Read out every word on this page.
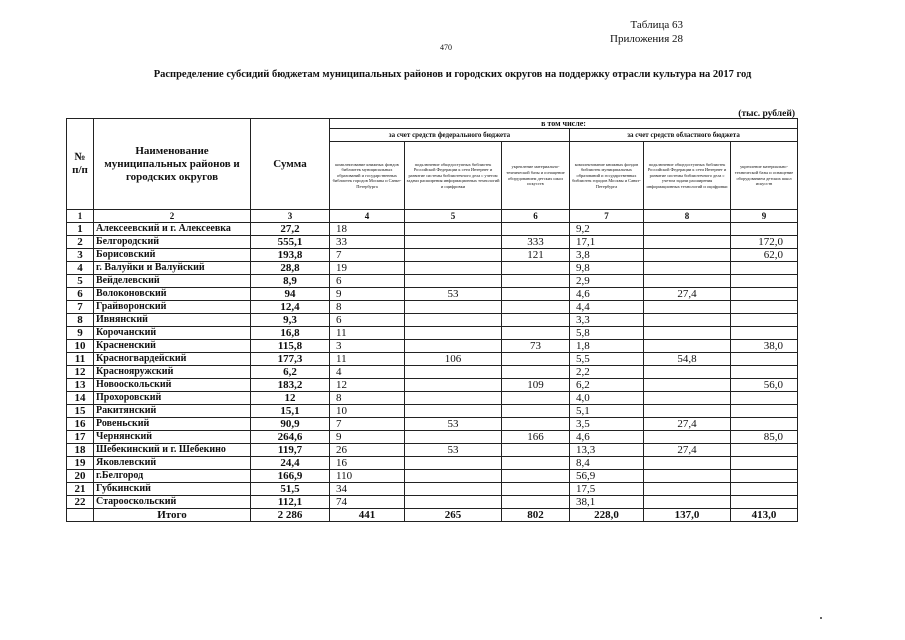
Таблица 63
Приложения 28
470
Распределение субсидий бюджетам муниципальных районов и городских округов на поддержку отрасли культура на 2017 год
(тыс. рублей)
№ п/п	Наименование муниципальных районов и городских округов	Сумма	в том числе:					
			за счет средств федерального бюджета			за счет средств областного бюджета		
			комплектование книжных фондов библиотек муниципальных образований и государственных библиотек городов Москвы и Санкт-Петербурга	подключение общедоступных библиотек Российской Федерации к сети Интернет и развитие системы библиотечного дела с учетом задачи расширения информационных технологий и оцифровки	укрепление материально-технической базы и оснащение оборудованием детских школ искусств	комплектование книжных фондов библиотек муниципальных образований и государственных библиотек городов Москвы и Санкт-Петербурга	подключение общедоступных библиотек Российской Федерации к сети Интернет и развитие системы библиотечного дела с учетом задачи расширения информационных технологий и оцифровки	укрепление материально-технической базы и оснащение оборудованием детских школ искусств
1	2	3	4	5	6	7	8	9
1	Алексеевский и г. Алексеевка	27,2	18			9,2		
2	Белгородский	555,1	33		333	17,1		172,0
3	Борисовский	193,8	7		121	3,8		62,0
4	г. Валуйки и Валуйский	28,8	19			9,8		
5	Вейделевский	8,9	6			2,9		
6	Волоконовский	94	9	53		4,6	27,4	
7	Грайворонский	12,4	8			4,4		
8	Ивнянский	9,3	6			3,3		
9	Корочанский	16,8	11			5,8		
10	Красненский	115,8	3		73	1,8		38,0
11	Красногвардейский	177,3	11	106		5,5	54,8	
12	Краснояружский	6,2	4			2,2		
13	Новооскольский	183,2	12		109	6,2		56,0
14	Прохоровский	12	8			4,0		
15	Ракитянский	15,1	10			5,1		
16	Ровеньский	90,9	7	53		3,5	27,4	
17	Чернянский	264,6	9		166	4,6		85,0
18	Шебекинский и г. Шебекино	119,7	26	53		13,3	27,4	
19	Яковлевский	24,4	16			8,4		
20	г.Белгород	166,9	110			56,9		
21	Губкинский	51,5	34			17,5		
22	Старооскольский	112,1	74			38,1		
	Итого	2 286	441	265	802	228,0	137,0	413,0
